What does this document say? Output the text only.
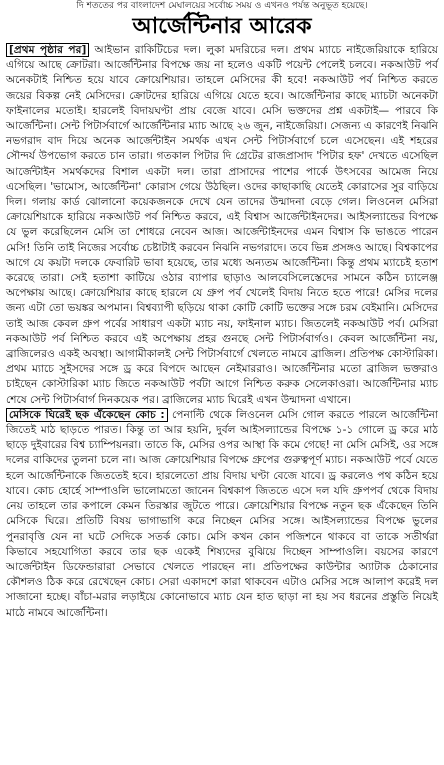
দি শততের পর বাংলাদেশ মেঘালয়ের সর্বোচ্চ সময় ও এখনও পর্যন্ত অনুভূত হয়েছে।
আর্জেন্টিনার আরেক

[প্রথম পৃষ্ঠার পর] আইভান রাকিটিচের দল। লুকা মদরিচের দল। প্রথম ম্যাচে নাইজেরিয়াকে হারিয়ে এগিয়ে আছে ক্রোটরা। আর্জেন্টিনার বিপক্ষে জয় না হলেও একটি পয়েন্ট পেলেই চলবে। নকআউট পর্ব অনেকটাই নিশ্চিত হয়ে যাবে ক্রোয়েশিয়ার। তাহলে মেসিদের কী হবে! নকআউট পর্ব নিশ্চিত করতে জয়ের বিকল্প নেই মেসিদের। ক্রোটদের হারিয়ে এগিয়ে যেতে হবে। আর্জেন্টিনার কাছে ম্যাচটা অনেকটা ফাইনালের মতোই। হারলেই বিদায়ঘণ্টা প্রায় বেজে যাবে। মেসি ভক্তদের প্রশ্ন একটাই— পারবে কি আর্জেন্টিনা। সেন্ট পিটার্সবার্গে আর্জেন্টিনার ম্যাচ আছে ২৬ জুন, নাইজেরিয়া। সেজন্য এ কারণেই নিঝনি নভগরাদ বাদ দিয়ে অনেক আর্জেন্টাইন সমর্থক এখন সেন্ট পিটার্সবার্গে চলে এসেছেন। এই শহরের সৌন্দর্য উপভোগ করতে চান তারা। গতকাল পিটার দি গ্রেটের রাজপ্রাসাদ 'পিটার হফ' দেখতে এসেছিল আর্জেন্টাইন সমর্থকদের বিশাল একটা দল। তারা প্রাসাদের পাশের পার্কে উৎসবের আমেজ নিয়ে এসেছিল। 'ভামোস, আর্জেন্টিনা' কোরাস গেয়ে উঠছিল। ওদের কাছাকাছি যেতেই কোরাসের সুর বাড়িয়ে দিল। গলায় কার্ড ঝোলানো কয়েকজনকে দেখে যেন তাদের উন্মাদনা বেড়ে গেল। লিওনেল মেসিরা ক্রোয়েশিয়াকে হারিয়ে নকআউট পর্ব নিশ্চিত করবে, এই বিশ্বাস আর্জেন্টাইনদের। আইসল্যান্ডের বিপক্ষে যে ভুল করেছিলেন মেসি তা শোধরে নেবেন আজ। আর্জেন্টাইনদের এমন বিশ্বাস কি ভাঙতে পারেন মেসি! তিনি তাই নিজের সর্বোচ্চ চেষ্টাটাই করবেন নিঝনি নভগরাদে। তবে ভিন্ন প্রসঙ্গও আছে। বিশ্বকাপের আগে যে কয়টা দলকে ফেবারিট ভাবা হয়েছে, তার মধ্যে অন্যতম আর্জেন্টিনা। কিন্তু প্রথম ম্যাচেই হতাশ করেছে তারা। সেই হতাশা কাটিয়ে ওঠার ব্যাপার ছাড়াও আলবেসিলেস্তেদের সামনে কঠিন চ্যালেঞ্জ অপেক্ষায় আছে। ক্রোয়েশিয়ার কাছে হারলে যে গ্রুপ পর্ব খেলেই বিদায় নিতে হতে পারে! মেসির দলের জন্য এটা তো ভয়ঙ্কর অপমান। বিশ্বব্যাপী ছড়িয়ে থাকা কোটি কোটি ভক্তের সঙ্গে চরম বেইমানি। মেসিদের তাই আজ কেবল গ্রুপ পর্বের সাধারণ একটা ম্যাচ নয়, ফাইনাল ম্যাচ। জিতলেই নকআউট পর্ব। মেসিরা নকআউট পর্ব নিশ্চিত করবে এই অপেক্ষায় প্রহর গুনছে সেন্ট পিটার্সবার্গও। কেবল আর্জেন্টিনা নয়, ব্রাজিলেরও একই অবস্থা। আগামীকালই সেন্ট পিটার্সবার্গে খেলতে নামবে ব্রাজিল। প্রতিপক্ষ কোস্টারিকা। প্রথম ম্যাচে সুইসদের সঙ্গে ড্র করে বিপদে আছেন নেইমাররাও। আর্জেন্টিনার মতো ব্রাজিল ভক্তরাও চাইছেন কোস্টারিকা ম্যাচ জিতে নকআউট পর্বটা আগে নিশ্চিত করুক সেলেকাওরা। আর্জেন্টিনার ম্যাচ শেষে সেন্ট পিটার্সবার্গ দিনকয়েক পর। ব্রাজিলের ম্যাচ ঘিরেই এখন উন্মাদনা এখানে।

মেসিকে ঘিরেই ছক এঁকেছেন কোচ : পেনাল্টি থেকে লিওনেল মেসি গোল করতে পারলে আর্জেন্টিনা জিতেই মাঠ ছাড়তে পারত। কিন্তু তা আর হয়নি, দুর্বল আইসল্যান্ডের বিপক্ষে ১-১ গোলে ড্র করে মাঠ ছাড়ে দুইবারের বিশ্ব চ্যাম্পিয়নরা। তাতে কি, মেসির ওপর আস্থা কি কমে গেছে! না মেসি মেসিই, ওর সঙ্গে দলের বাকিদের তুলনা চলে না। আজ ক্রোয়েশিয়ার বিপক্ষে গ্রুপের গুরুত্বপূর্ণ ম্যাচ। নকআউট পর্বে যেতে হলে আর্জেন্টিনাকে জিততেই হবে। হারলেতো প্রায় বিদায় ঘণ্টা বেজে যাবে। ড্র করলেও পথ কঠিন হয়ে যাবে। কোচ হোর্হে সাম্পাওলি ভালোমতো জানেন বিশ্বকাপ জিততে এসে দল যদি গ্রুপপর্ব থেকে বিদায় নেয় তাহলে তার কপালে কেমন তিরস্কার জুটতে পারে। ক্রোয়েশিয়ার বিপক্ষে নতুন ছক এঁকেছেন তিনি মেসিকে ঘিরে। প্রতিটি বিষয় ভাগাভাগি করে নিচ্ছেন মেসির সঙ্গে। আইসল্যান্ডের বিপক্ষে ভুলের পুনরাবৃত্তি যেন না ঘটে সেদিকে সতর্ক কোচ। মেসি কখন কোন পজিশনে থাকবে বা তাকে সতীর্থরা কিভাবে সহযোগিতা করবে তার ছক একেই শিষ্যদের বুঝিয়ে দিচ্ছেন সাম্পাওলি। বয়সের কারণে আর্জেন্টাইন ডিফেন্ডারারা সেভাবে খেলতে পারছেন না। প্রতিপক্ষের কাউন্টার অ্যাটাক ঠেকানোর কৌশলও ঠিক করে রেখেছেন কোচ। সেরা একাদশে কারা থাকবেন এটাও মেসির সঙ্গে আলাপ করেই দল সাজানো হচ্ছে। বাঁচা-মরার লড়াইয়ে কোনোভাবে ম্যাচ যেন হাত ছাড়া না হয় সব ধরনের প্রস্তুতি নিয়েই মাঠে নামবে আর্জেন্টিনা।
